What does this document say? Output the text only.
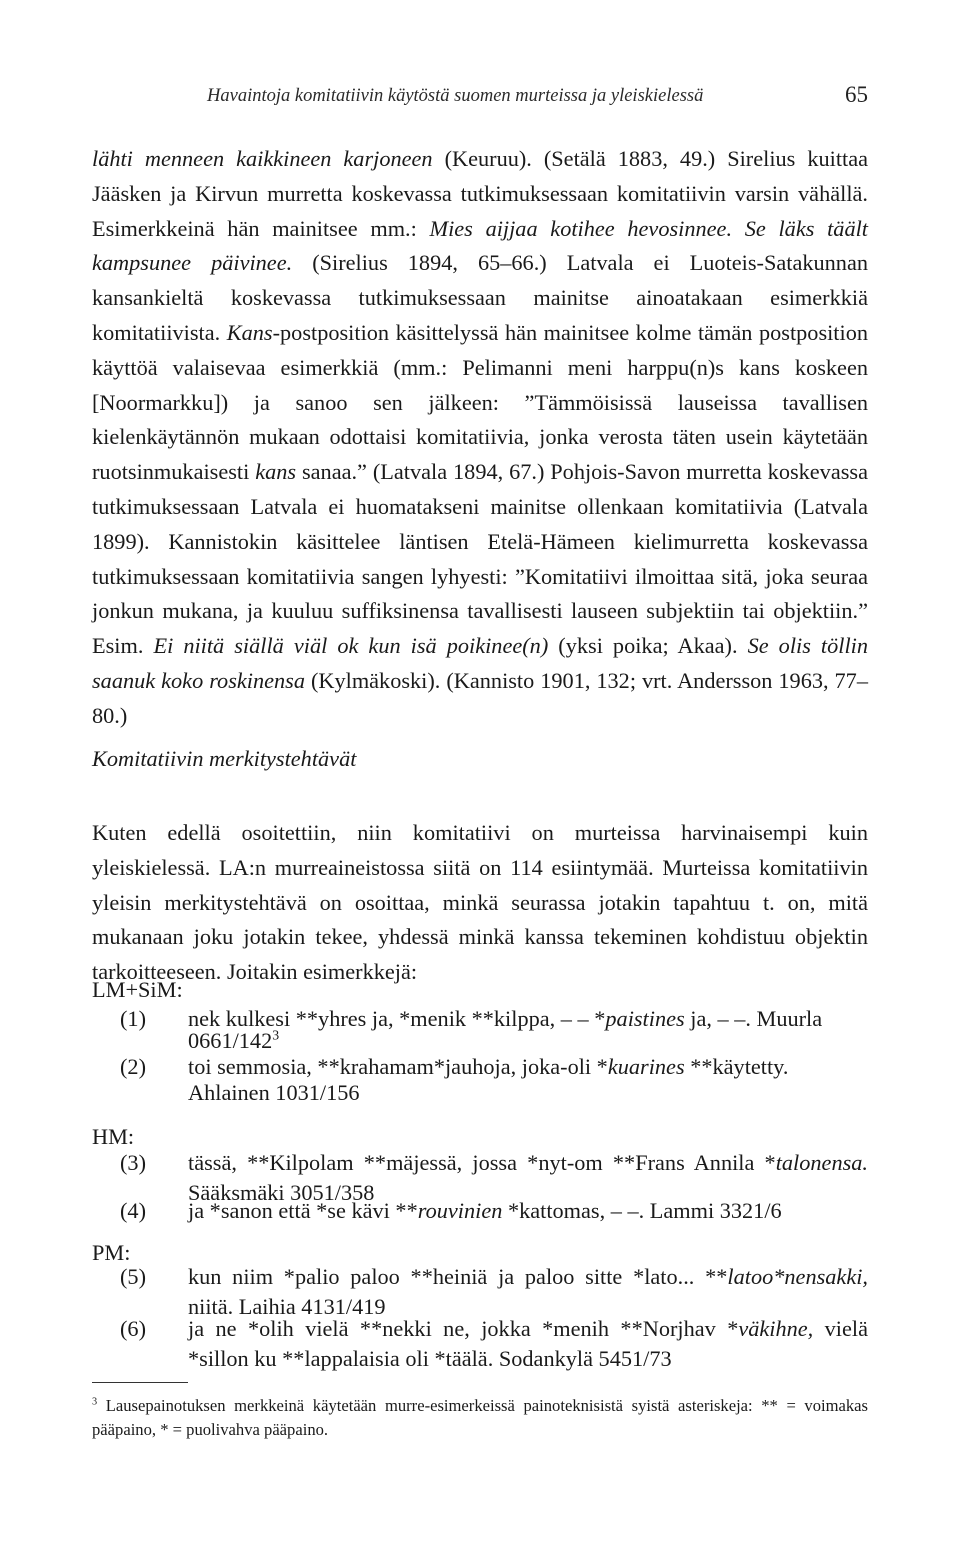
Havaintoja komitatiivin käytöstä suomen murteissa ja yleiskielessä	65
lähti menneen kaikkineen karjoneen (Keuruu). (Setälä 1883, 49.) Sirelius kuittaa Jääsken ja Kirvun murretta koskevassa tutkimuksessaan komitatiivin varsin vähällä. Esimerkkeinä hän mainitsee mm.: Mies aijjaa kotihee hevosinnee. Se läks täält kampsunee päivinee. (Sirelius 1894, 65–66.) Latvala ei Luoteis-Satakunnan kansankieltä koskevassa tutkimuksessaan mainitse ainoatakaan esimerkkiä komitatiivista. Kans-postposition käsittelyssä hän mainitsee kolme tämän postposition käyttöä valaisevaa esimerkkiä (mm.: Pelimanni meni harppu(n)s kans koskeen [Noormarkku]) ja sanoo sen jälkeen: ”Tämmöisissä lauseissa tavallisen kielenkäytännön mukaan odottaisi komitatiivia, jonka verosta täten usein käytetään ruotsinmukaisesti kans sanaa.” (Latvala 1894, 67.) Pohjois-Savon murretta koskevassa tutkimuksessaan Latvala ei huomatakseni mainitse ollenkaan komitatiivia (Latvala 1899). Kannistokin käsittelee läntisen Etelä-Hämeen kielimurretta koskevassa tutkimuksessaan komitatiivia sangen lyhyesti: ”Komitatiivi ilmoittaa sitä, joka seuraa jonkun mukana, ja kuuluu suffiksinensa tavallisesti lauseen subjektiin tai objektiin.” Esim. Ei niitä siällä viäl ok kun isä poikinee(n) (yksi poika; Akaa). Se olis töllin saanuk koko roskinensa (Kylmäkoski). (Kannisto 1901, 132; vrt. Andersson 1963, 77–80.)
Komitatiivin merkitystehtävät
Kuten edellä osoitettiin, niin komitatiivi on murteissa harvinaisempi kuin yleiskielessä. LA:n murreaineistossa siitä on 114 esiintymää. Murteissa komitatiivin yleisin merkitystehtävä on osoittaa, minkä seurassa jotakin tapahtuu t. on, mitä mukanaan joku jotakin tekee, yhdessä minkä kanssa tekeminen kohdistuu objektin tarkoitteeseen. Joitakin esimerkkejä:
LM+SiM:
(1) nek kulkesi **yhres ja, *menik **kilppa, – – *paistines ja, – –. Muurla
$0661/142^3$
(2) toi semmosia, **krahamam*jauhoja, joka-oli *kuarines **käytetty.
Ahlainen 1031/156
HM:
(3) tässä, **Kilpolam **mäjessä, jossa *nyt-om **Frans Annila *talonensa. Sääksmäki 3051/358
(4) ja *sanon että *se kävi **rouvinien *kattomas, – –. Lammi 3321/6
PM:
(5) kun niim *palio paloo **heiniä ja paloo sitte *lato... **latoo*nensakki, niitä. Laihia 4131/419
(6) ja ne *olih vielä **nekki ne, jokka *menih **Norjhav *väkihne, vielä *sillon ku **lappalaisia oli *täälä. Sodankylä 5451/73
$^3$ Lausepainotuksen merkkeinä käytetään murre-esimerkeissä painoteknisistä syistä asteriskeja: ** = voimakas pääpaino, * = puolivahva pääpaino.
